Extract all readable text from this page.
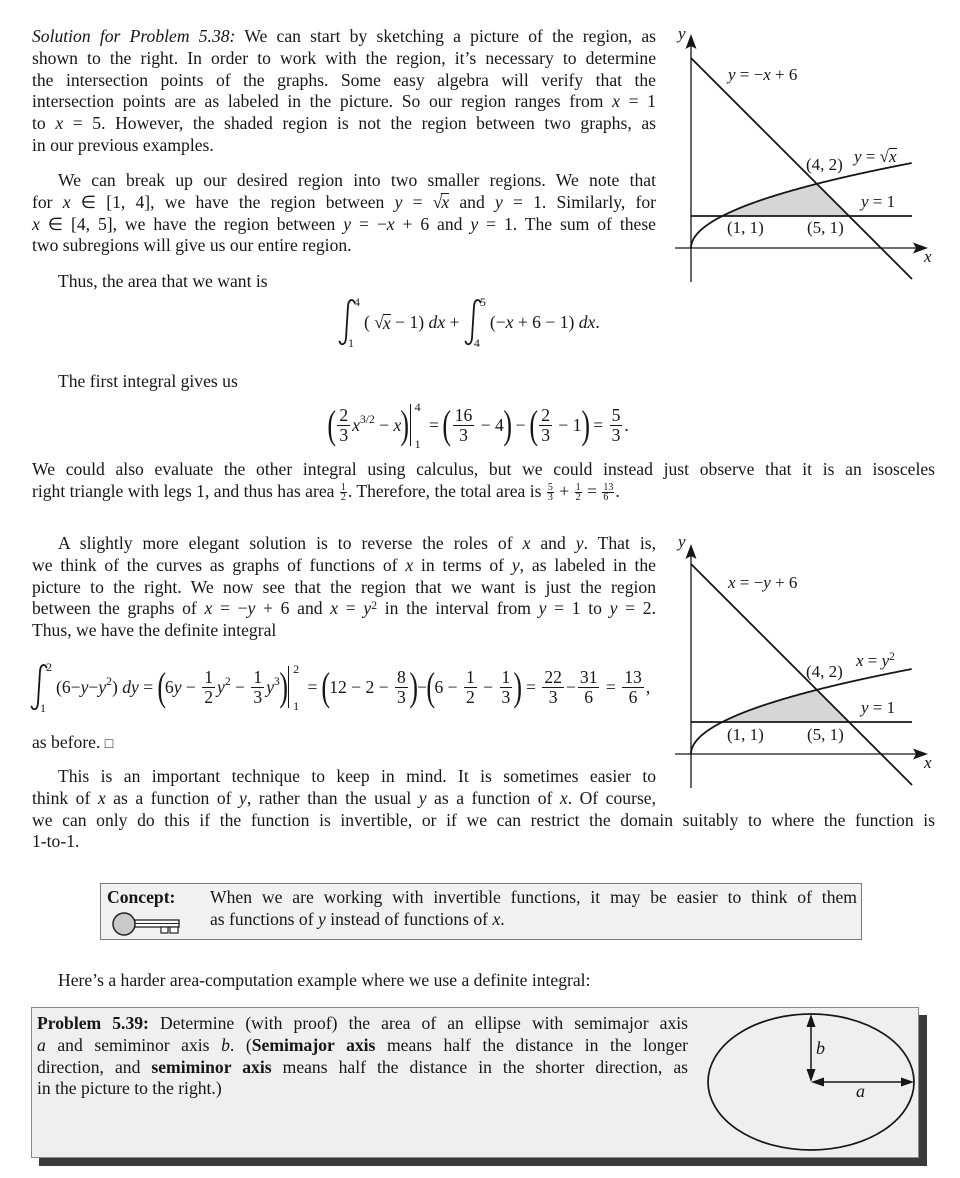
Solution for Problem 5.38: We can start by sketching a picture of the region, as
shown to the right. In order to work with the region, it’s necessary to determine
the intersection points of the graphs. Some easy algebra will verify that the
intersection points are as labeled in the picture. So our region ranges from x = 1
to x = 5. However, the shaded region is not the region between two graphs, as
in our previous examples.
We can break up our desired region into two smaller regions. We note that
for x ∈ [1, 4], we have the region between y = √x and y = 1. Similarly, for
x ∈ [4, 5], we have the region between y = −x + 6 and y = 1. The sum of these
two subregions will give us our entire region.
Thus, the area that we want is

4

1

( √ x − 1) dx +

5

4

(− x + 6 − 1) dx .
The first integral gives us
( $\frac{2}{3}$ x 3/2 − x ) 4
1
= ( $\frac{16}{3} - 4$ ) − ( $\frac{2}{3} - 1$ ) = $\frac{5}{3}$ .
We could also evaluate the other integral using calculus, but we could instead just observe that it is an isosceles
right triangle with legs 1, and thus has area $\frac{1}{2}$ . Therefore, the total area is $\frac{5}{3} + \frac{1}{2} = \frac{13}{6}$ .
A slightly more elegant solution is to reverse the roles of x and y. That is,
we think of the curves as graphs of functions of x in terms of y, as labeled in the
picture to the right. We now see that the region that we want is just the region
between the graphs of x = −y + 6 and $x = y^2$ in the interval from y = 1 to y = 2.
Thus, we have the definite integral

2

1

(6− y − y 2 ) dy = ( 6 $y - \frac{1}{2}$ y $2 - \frac{1}{3}$ y 3 ) 2
1
= ( $12 - 2 - \frac{8}{3}$ ) − ( $6 - \frac{1}{2} - \frac{1}{3}$ ) = $\frac{22}{3} - \frac{31}{6} = \frac{13}{6}$ ,
as before. □
This is an important technique to keep in mind. It is sometimes easier to
think of x as a function of y, rather than the usual y as a function of x. Of course,
we can only do this if the function is invertible, or if we can restrict the domain suitably to where the function is
1-to-1.
Concept: When we are working with invertible functions, it may be easier to think of them
as functions of y instead of functions of x.
Here’s a harder area-computation example where we use a definite integral:
Problem 5.39: Determine (with proof) the area of an ellipse with semimajor axis
a and semiminor axis b. (Semimajor axis means half the distance in the longer
direction, and semiminor axis means half the distance in the shorter direction, as
in the picture to the right.)
b
a
y
x
y = −x + 6
y = √x
y = 1
(4, 2)
(1, 1)	(5, 1)
y
x
x = −y + 6
$x = y^2$
y = 1
(4, 2)
(1, 1)	(5, 1)
